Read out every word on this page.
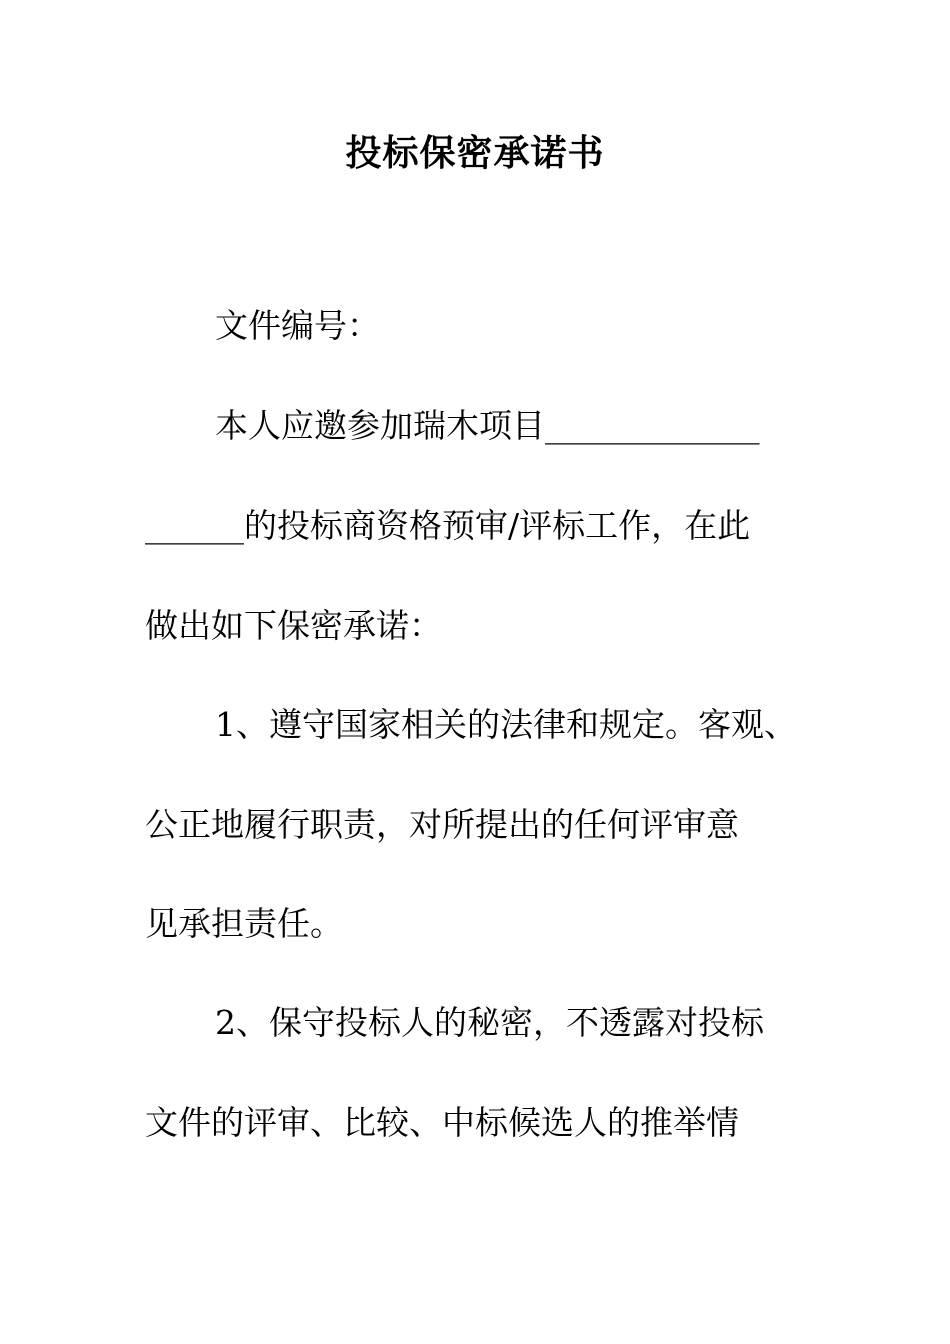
投标保密承诺书
文件编号：
本人应邀参加瑞木项目_____________
______的投标商资格预审/评标工作，在此
做出如下保密承诺：
1、遵守国家相关的法律和规定。客观、
公正地履行职责，对所提出的任何评审意
见承担责任。
2、保守投标人的秘密，不透露对投标
文件的评审、比较、中标候选人的推举情
